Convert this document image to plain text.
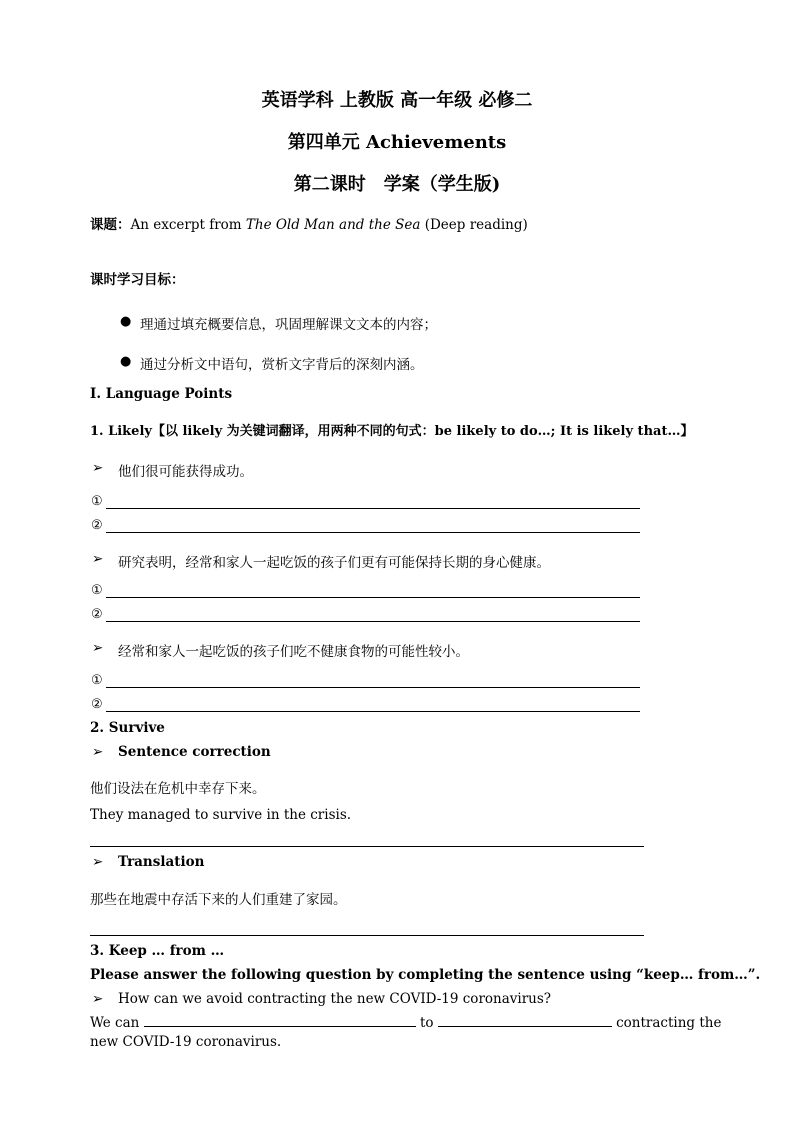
英语学科 上教版 高一年级 必修二
第四单元 Achievements
第二课时　学案（学生版)
课题：An excerpt from The Old Man and the Sea (Deep reading)
课时学习目标：
● 理通过填充概要信息，巩固理解课文文本的内容；
● 通过分析文中语句，赏析文字背后的深刻内涵。
I. Language Points
1. Likely【以 likely 为关键词翻译，用两种不同的句式：be likely to do…; It is likely that…】
➢ 他们很可能获得成功。
①
②
➢ 研究表明，经常和家人一起吃饭的孩子们更有可能保持长期的身心健康。
①
②
➢ 经常和家人一起吃饭的孩子们吃不健康食物的可能性较小。
①
②
2. Survive
➢ Sentence correction
他们设法在危机中幸存下来。
They managed to survive in the crisis.
➢ Translation
那些在地震中存活下来的人们重建了家园。
3. Keep … from …
Please answer the following question by completing the sentence using “keep… from…”.
➢ How can we avoid contracting the new COVID-19 coronavirus?
We can	to	contracting the
new COVID-19 coronavirus.
